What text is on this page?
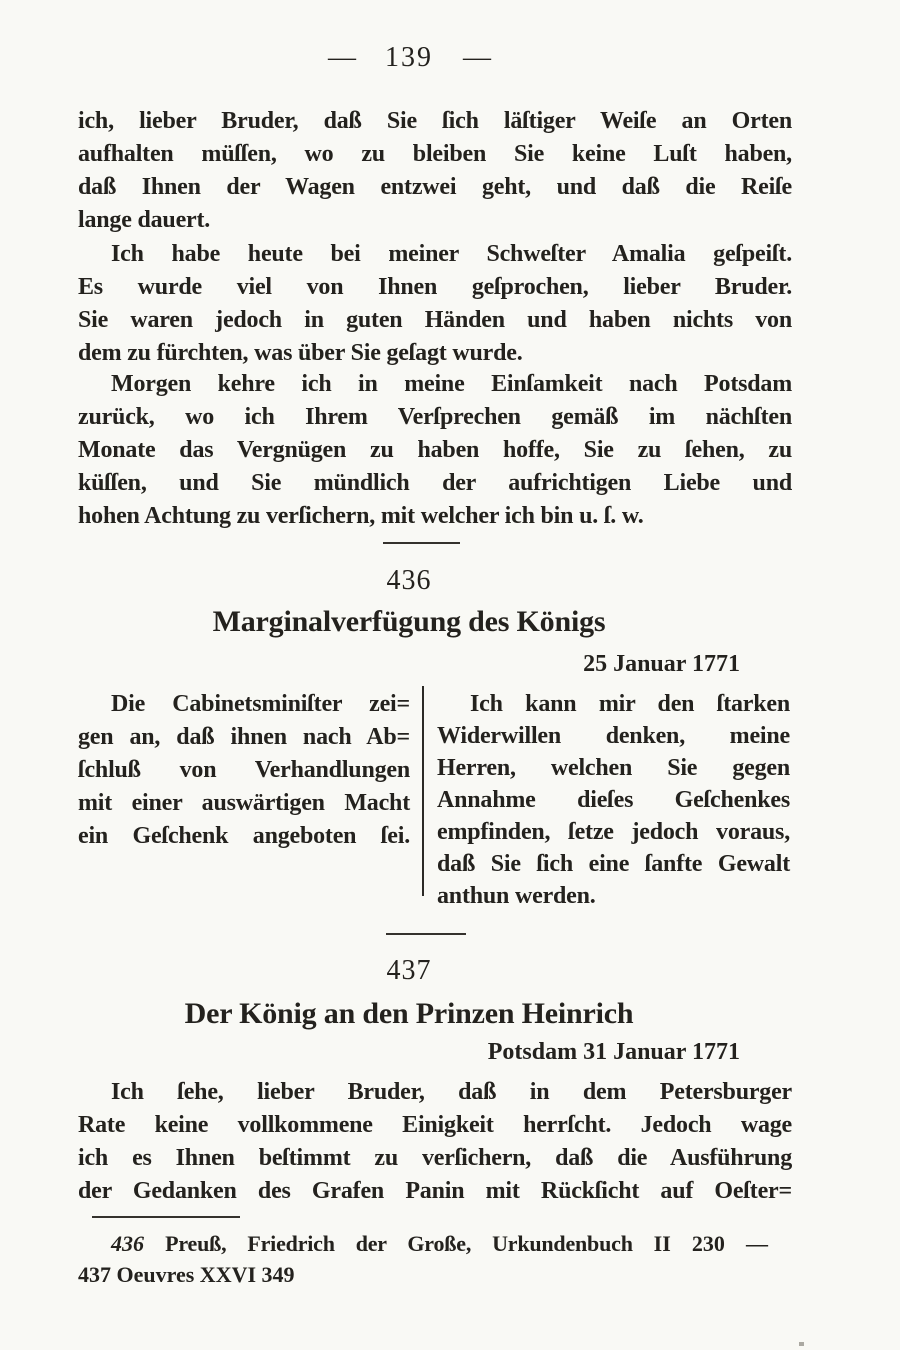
— 139 —
ich, lieber Bruder, daß Sie ſich läſtiger Weiſe an Orten
aufhalten müſſen, wo zu bleiben Sie keine Luſt haben,
daß Ihnen der Wagen entzwei geht, und daß die Reiſe
lange dauert.
Ich habe heute bei meiner Schweſter Amalia geſpeiſt.
Es wurde viel von Ihnen geſprochen, lieber Bruder.
Sie waren jedoch in guten Händen und haben nichts von
dem zu fürchten, was über Sie geſagt wurde.
Morgen kehre ich in meine Einſamkeit nach Potsdam
zurück, wo ich Ihrem Verſprechen gemäß im nächſten
Monate das Vergnügen zu haben hoffe, Sie zu ſehen, zu
küſſen, und Sie mündlich der aufrichtigen Liebe und
hohen Achtung zu verſichern, mit welcher ich bin u. ſ. w.
436
Marginalverfügung des Königs
25 Januar 1771
Die Cabinetsminiſter zei=
gen an, daß ihnen nach Ab=
ſchluß von Verhandlungen
mit einer auswärtigen Macht
ein Geſchenk angeboten ſei.
Ich kann mir den ſtarken
Widerwillen denken, meine
Herren, welchen Sie gegen
Annahme dieſes Geſchenkes
empfinden, ſetze jedoch voraus,
daß Sie ſich eine ſanfte Gewalt
anthun werden.
437
Der König an den Prinzen Heinrich
Potsdam 31 Januar 1771
Ich ſehe, lieber Bruder, daß in dem Petersburger
Rate keine vollkommene Einigkeit herrſcht. Jedoch wage
ich es Ihnen beſtimmt zu verſichern, daß die Ausführung
der Gedanken des Grafen Panin mit Rückſicht auf Oeſter=
436 Preuß, Friedrich der Große, Urkundenbuch II 230 —
437 Oeuvres XXVI 349
